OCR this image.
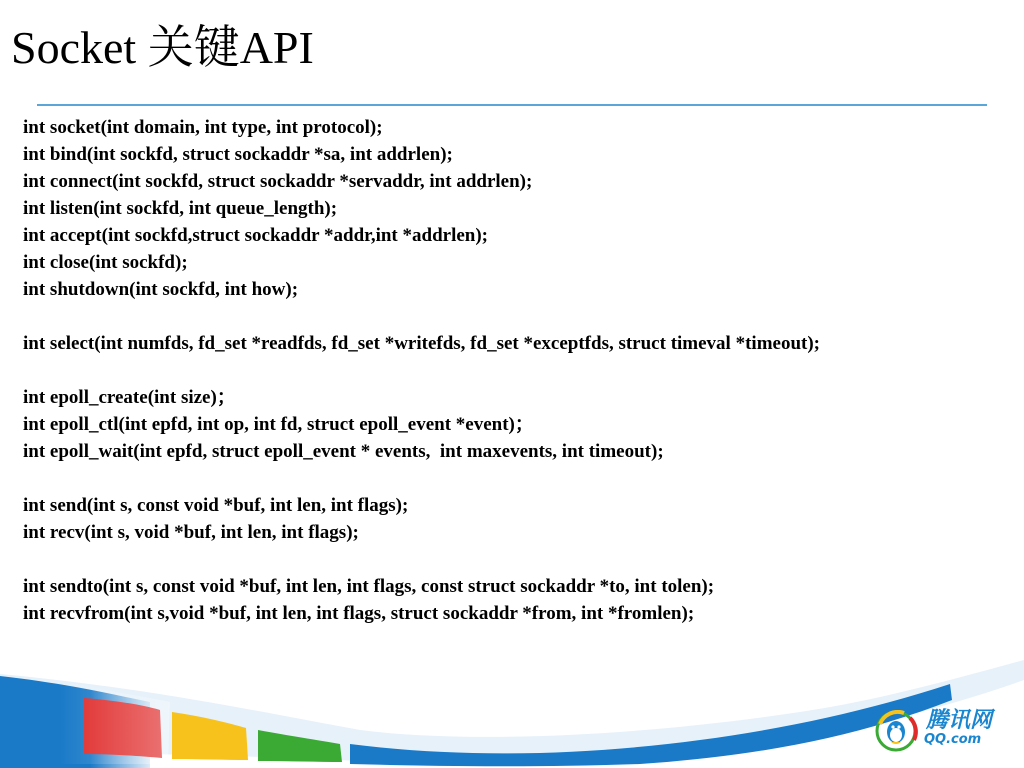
Socket 关键API
int socket(int domain, int type, int protocol);
int bind(int sockfd, struct sockaddr *sa, int addrlen);
int connect(int sockfd, struct sockaddr *servaddr, int addrlen);
int listen(int sockfd, int queue_length);
int accept(int sockfd,struct sockaddr *addr,int *addrlen);
int close(int sockfd);
int shutdown(int sockfd, int how);
int select(int numfds, fd_set *readfds, fd_set *writefds, fd_set *exceptfds, struct timeval *timeout);
int epoll_create(int size)；
int epoll_ctl(int epfd, int op, int fd, struct epoll_event *event)；
int epoll_wait(int epfd, struct epoll_event * events,  int maxevents, int timeout);
int send(int s, const void *buf, int len, int flags);
int recv(int s, void *buf, int len, int flags);
int sendto(int s, const void *buf, int len, int flags, const struct sockaddr *to, int tolen);
int recvfrom(int s,void *buf, int len, int flags, struct sockaddr *from, int *fromlen);
腾讯网
QQ.com
